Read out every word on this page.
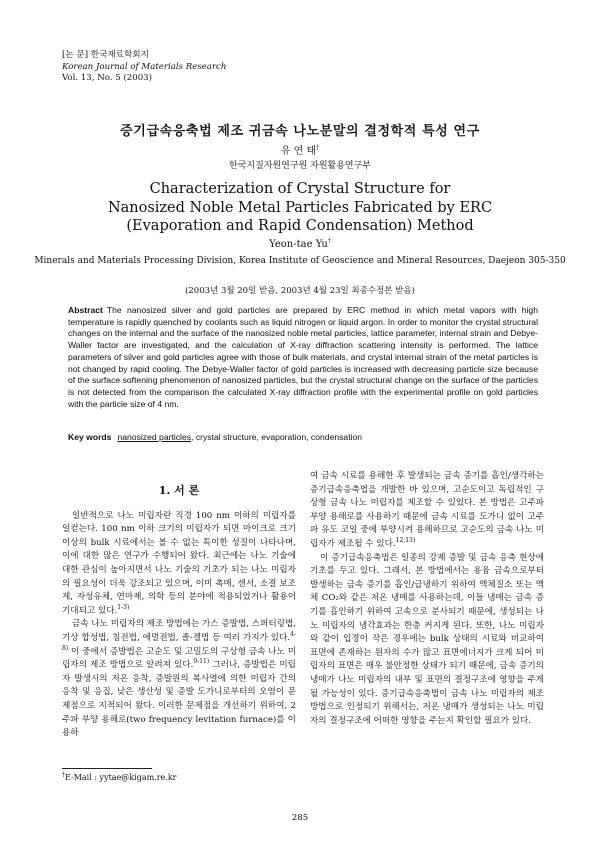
[논 문] 한국재료학회지
Korean Journal of Materials Research
Vol. 13, No. 5 (2003)
증기급속응축법 제조 귀금속 나노분말의 결정학적 특성 연구
유 연 태†
한국지질자원연구원 자원활용연구부
Characterization of Crystal Structure for
Nanosized Noble Metal Particles Fabricated by ERC
(Evaporation and Rapid Condensation) Method
Yeon-tae Yu†
Minerals and Materials Processing Division, Korea Institute of Geoscience and Mineral Resources, Daejeon 305-350
(2003년 3월 20일 받음, 2003년 4월 23일 최종수정본 받음)
Abstract The nanosized silver and gold particles are prepared by ERC method in which metal vapors with high temperature is rapidly quenched by coolants such as liquid nitrogen or liquid argon. In order to monitor the crystal structural changes on the internal and the surface of the nanosized noble metal particles, lattice parameter, internal strain and Debye-Waller factor are investigated, and the calculation of X-ray diffraction scattering intensity is performed. The lattice parameters of silver and gold particles agree with those of bulk materials, and crystal internal strain of the metal particles is not changed by rapid cooling. The Debye-Waller factor of gold particles is increased with decreasing particle size because of the surface softening phenomenon of nanosized particles, but the crystal structural change on the surface of the particles is not detected from the comparison the calculated X-ray diffraction profile with the experimental profile on gold particles with the particle size of 4 nm.
Key words nanosized particles, crystal structure, evaporation, condensation
1. 서 론

일반적으로 나노 미립자란 직경 100 nm 이하의 미립자를 일컫는다. 100 nm 이하 크기의 미립자가 되면 마이크로 크기 이상의 bulk 시료에서는 볼 수 없는 특이한 성질이 나타나며, 이에 대한 많은 연구가 수행되어 왔다. 최근에는 나노 기술에 대한 관심이 높아지면서 나노 기술의 기초가 되는 나노 미립자의 필요성이 더욱 강조되고 있으며, 이미 촉매, 센서, 소결 보조제, 자성유체, 연마제, 의학 등의 분야에 적용되었거나 활용이 기대되고 있다.$^{1-3)}$

금속 나노 미립자의 제조 방법에는 가스 증발법, 스퍼터링법, 기상 합성법, 침전법, 에멀전법, 졸-겔법 등 여러 가지가 있다.$^{4-8)}$ 이 중에서 증발법은 고순도 및 고밀도의 구상형 금속 나노 미립자의 제조 방법으로 알려져 있다.$^{9-11)}$ 그러나, 증발법은 미립자 발생시의 저온 응착, 증발원의 복사열에 의한 미립자 간의 응착 및 응집, 낮은 생산성 및 증발 도가니로부터의 오염이 문제점으로 지적되어 왔다. 이러한 문제점을 개선하기 위하여, 2주파 부양 용해로(two frequency levitation furnace)를 이용하

여 금속 시료를 용해한 후 발생되는 금속 증기를 흡인/생각하는 증기급속응축법을 개발한 바 있으며, 고순도이고 독립적인 구상형 금속 나노 미립자를 제조할 수 있었다. 본 방법은 고주파 부양 용해로를 사용하기 때문에 금속 시료를 도가니 없이 고주파 유도 코일 중에 부양시켜 용해하므로 고순도의 금속 나노 미립자가 제조될 수 있다.$^{12,13)}$

이 증기급속응축법은 일종의 강제 증발 및 금속 응축 현상에 기초를 두고 있다. 그래서, 본 방법에서는 용융 금속으로부터 발생하는 금속 증기를 흡인/급냉하기 위하여 액체질소 또는 액체 CO₂와 같은 저온 냉매를 사용하는데, 이들 냉매는 금속 증기를 흡인하기 위하여 고속으로 분사되기 때문에, 생성되는 나노 미립자의 냉각효과는 한층 커지게 된다. 또한, 나노 미립자와 같이 입경이 작은 경우에는 bulk 상태의 시료와 비교하여 표면에 존재하는 원자의 수가 많고 표면에너지가 크게 되어 미립자의 표면은 매우 불안정한 상태가 되기 때문에, 금속 증기의 냉매가 나노 미립자의 내부 및 표면의 결정구조에 영향을 주게 될 가능성이 있다. 증기급속응축법이 금속 나노 미립자의 제조 방법으로 인정되기 위해서는, 저온 냉매가 생성되는 나노 미립자의 결정구조에 어떠한 영향을 주는지 확인할 필요가 있다.

†E-Mail : yytae@kigam.re.kr
285
